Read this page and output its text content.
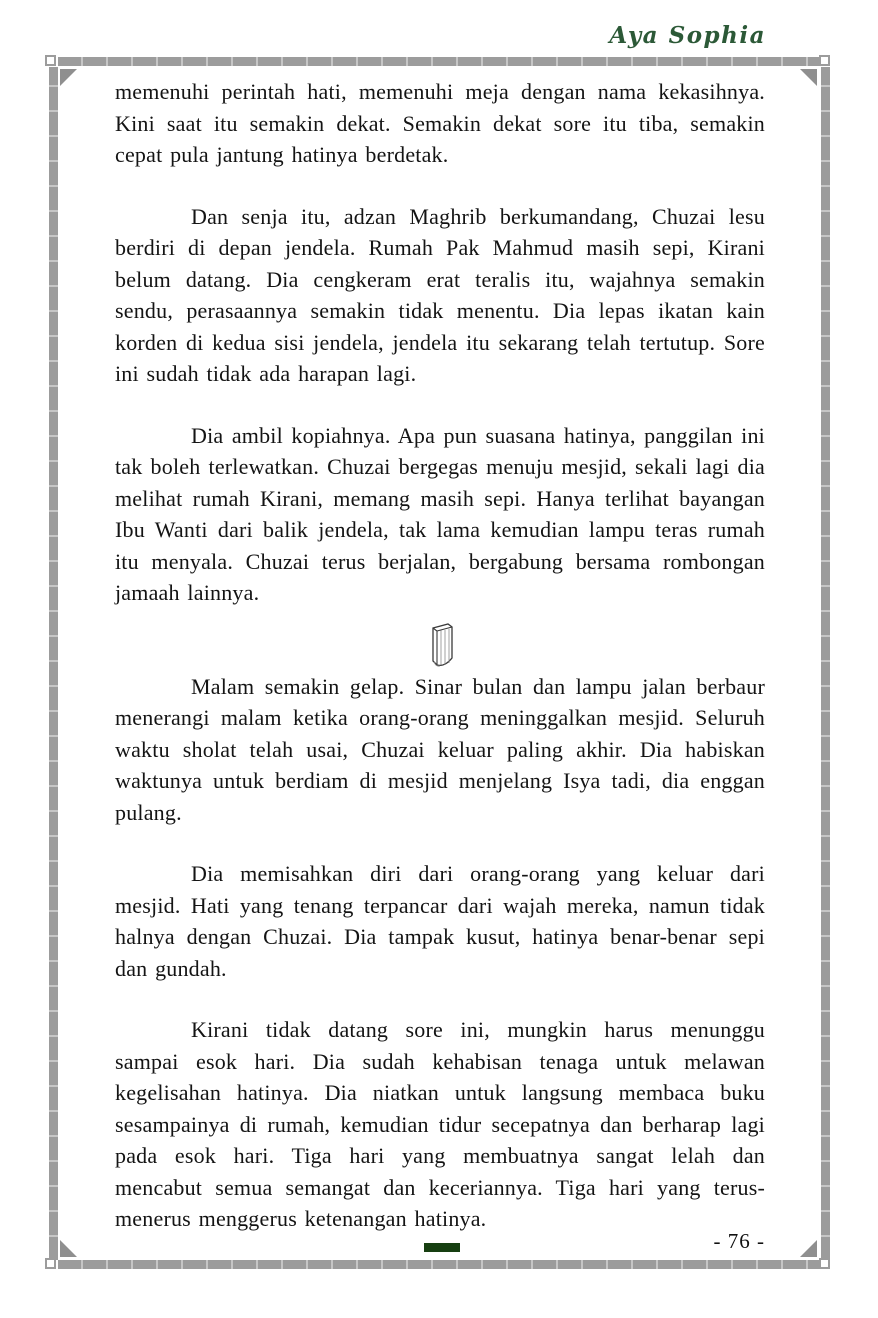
Aya Sophia

memenuhi perintah hati, memenuhi meja dengan nama kekasihnya. Kini saat itu semakin dekat. Semakin dekat sore itu tiba, semakin cepat pula jantung hatinya berdetak.

Dan senja itu, adzan Maghrib berkumandang, Chuzai lesu berdiri di depan jendela. Rumah Pak Mahmud masih sepi, Kirani belum datang. Dia cengkeram erat teralis itu, wajahnya semakin sendu, perasaannya semakin tidak menentu. Dia lepas ikatan kain korden di kedua sisi jendela, jendela itu sekarang telah tertutup. Sore ini sudah tidak ada harapan lagi.

Dia ambil kopiahnya. Apa pun suasana hatinya, panggilan ini tak boleh terlewatkan. Chuzai bergegas menuju mesjid, sekali lagi dia melihat rumah Kirani, memang masih sepi. Hanya terlihat bayangan Ibu Wanti dari balik jendela, tak lama kemudian lampu teras rumah itu menyala. Chuzai terus berjalan, bergabung bersama rombongan jamaah lainnya.

Malam semakin gelap. Sinar bulan dan lampu jalan berbaur menerangi malam ketika orang-orang meninggalkan mesjid. Seluruh waktu sholat telah usai, Chuzai keluar paling akhir. Dia habiskan waktunya untuk berdiam di mesjid menjelang Isya tadi, dia enggan pulang.

Dia memisahkan diri dari orang-orang yang keluar dari mesjid. Hati yang tenang terpancar dari wajah mereka, namun tidak halnya dengan Chuzai. Dia tampak kusut, hatinya benar-benar sepi dan gundah.

Kirani tidak datang sore ini, mungkin harus menunggu sampai esok hari. Dia sudah kehabisan tenaga untuk melawan kegelisahan hatinya. Dia niatkan untuk langsung membaca buku sesampainya di rumah, kemudian tidur secepatnya dan berharap lagi pada esok hari. Tiga hari yang membuatnya sangat lelah dan mencabut semua semangat dan keceriannya. Tiga hari yang terus-menerus menggerus ketenangan hatinya.

- 76 -
